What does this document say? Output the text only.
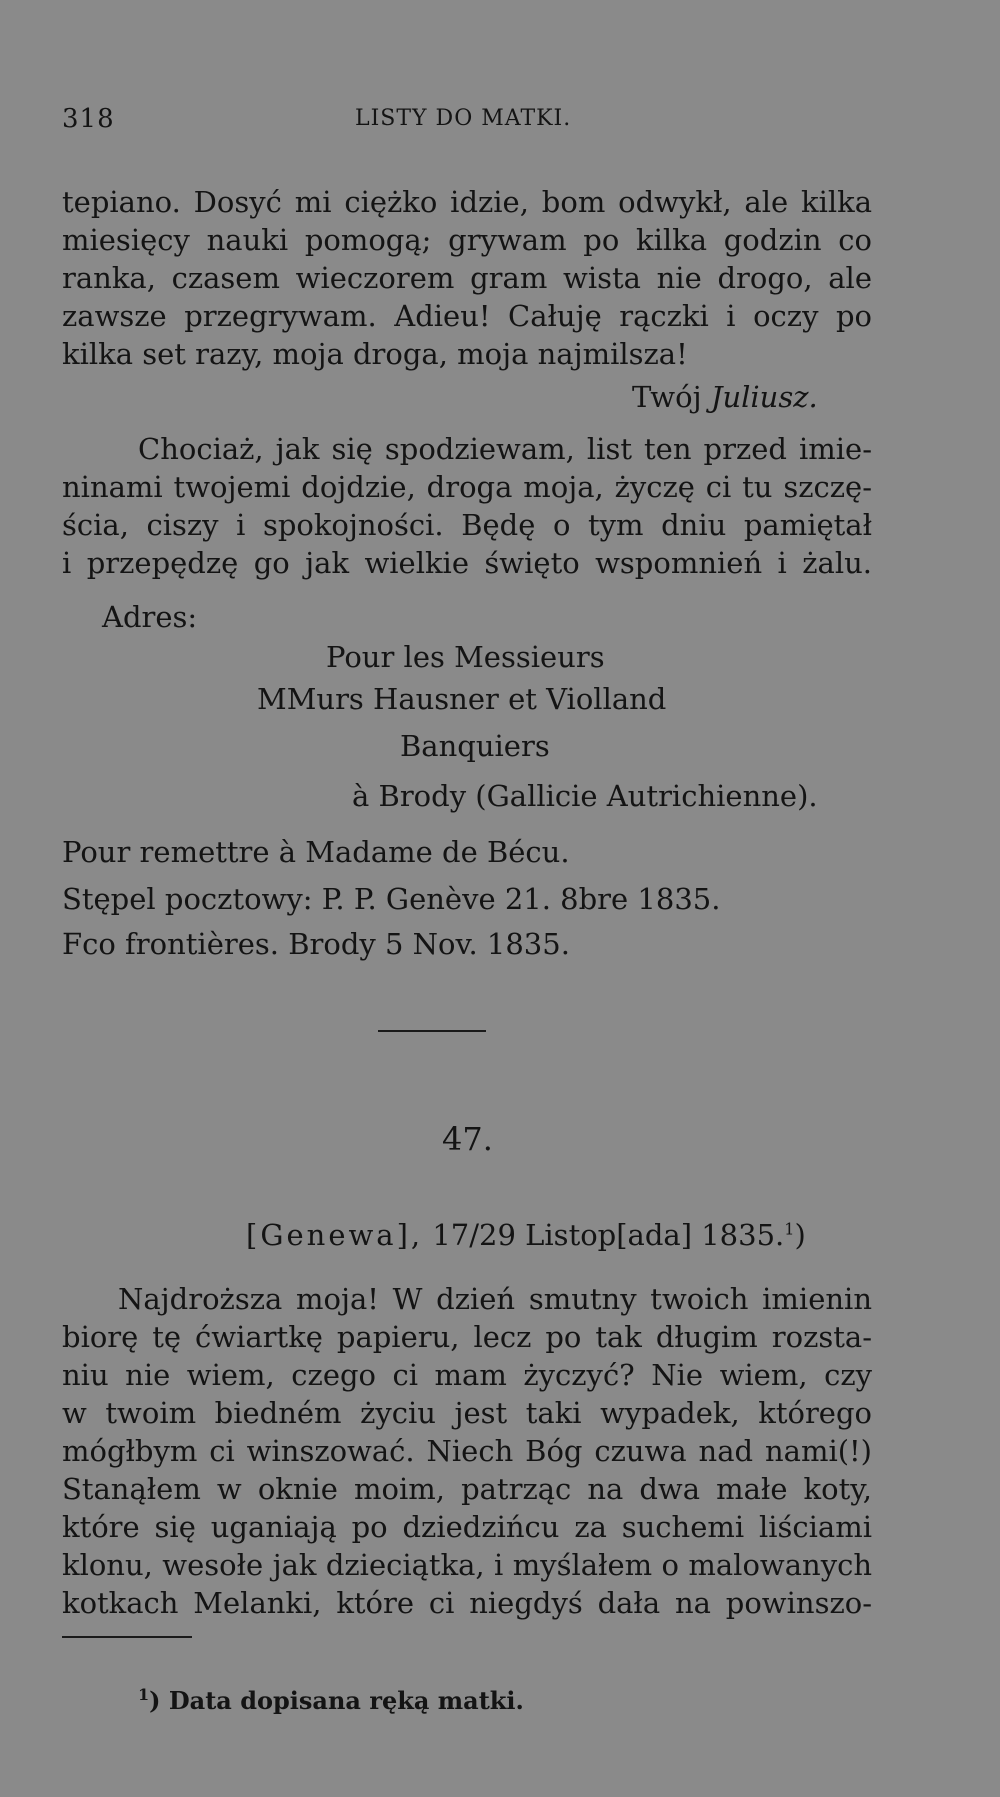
318	LISTY DO MATKI.

tepiano. Dosyć mi ciężko idzie, bom odwykł, ale kilka

miesięcy nauki pomogą; grywam po kilka godzin co

ranka, czasem wieczorem gram wista nie drogo, ale

zawsze przegrywam. Adieu! Całuję rączki i oczy po

kilka set razy, moja droga, moja najmilsza!

Twój Juliusz.

Chociaż, jak się spodziewam, list ten przed imie-

ninami twojemi dojdzie, droga moja, życzę ci tu szczę-

ścia, ciszy i spokojności. Będę o tym dniu pamiętał

i przepędzę go jak wielkie święto wspomnień i żalu.

Adres:

Pour les Messieurs

MMurs Hausner et Violland

Banquiers

à Brody (Gallicie Autrichienne).

Pour remettre à Madame de Bécu.

Stępel pocztowy: P. P. Genève 21. 8bre 1835.

Fco frontières. Brody 5 Nov. 1835.

47.

[Genewa], 17/29 Listop[ada] 1835.$^1$)

Najdroższa moja! W dzień smutny twoich imienin

biorę tę ćwiartkę papieru, lecz po tak długim rozsta-

niu nie wiem, czego ci mam życzyć? Nie wiem, czy

w twoim biedném życiu jest taki wypadek, którego

mógłbym ci winszować. Niech Bóg czuwa nad nami(!)

Stanąłem w oknie moim, patrząc na dwa małe koty,

które się uganiają po dziedzińcu za suchemi liściami

klonu, wesołe jak dzieciątka, i myślałem o malowanych

kotkach Melanki, które ci niegdyś dała na powinszo-

$^1$) Data dopisana ręką matki.
